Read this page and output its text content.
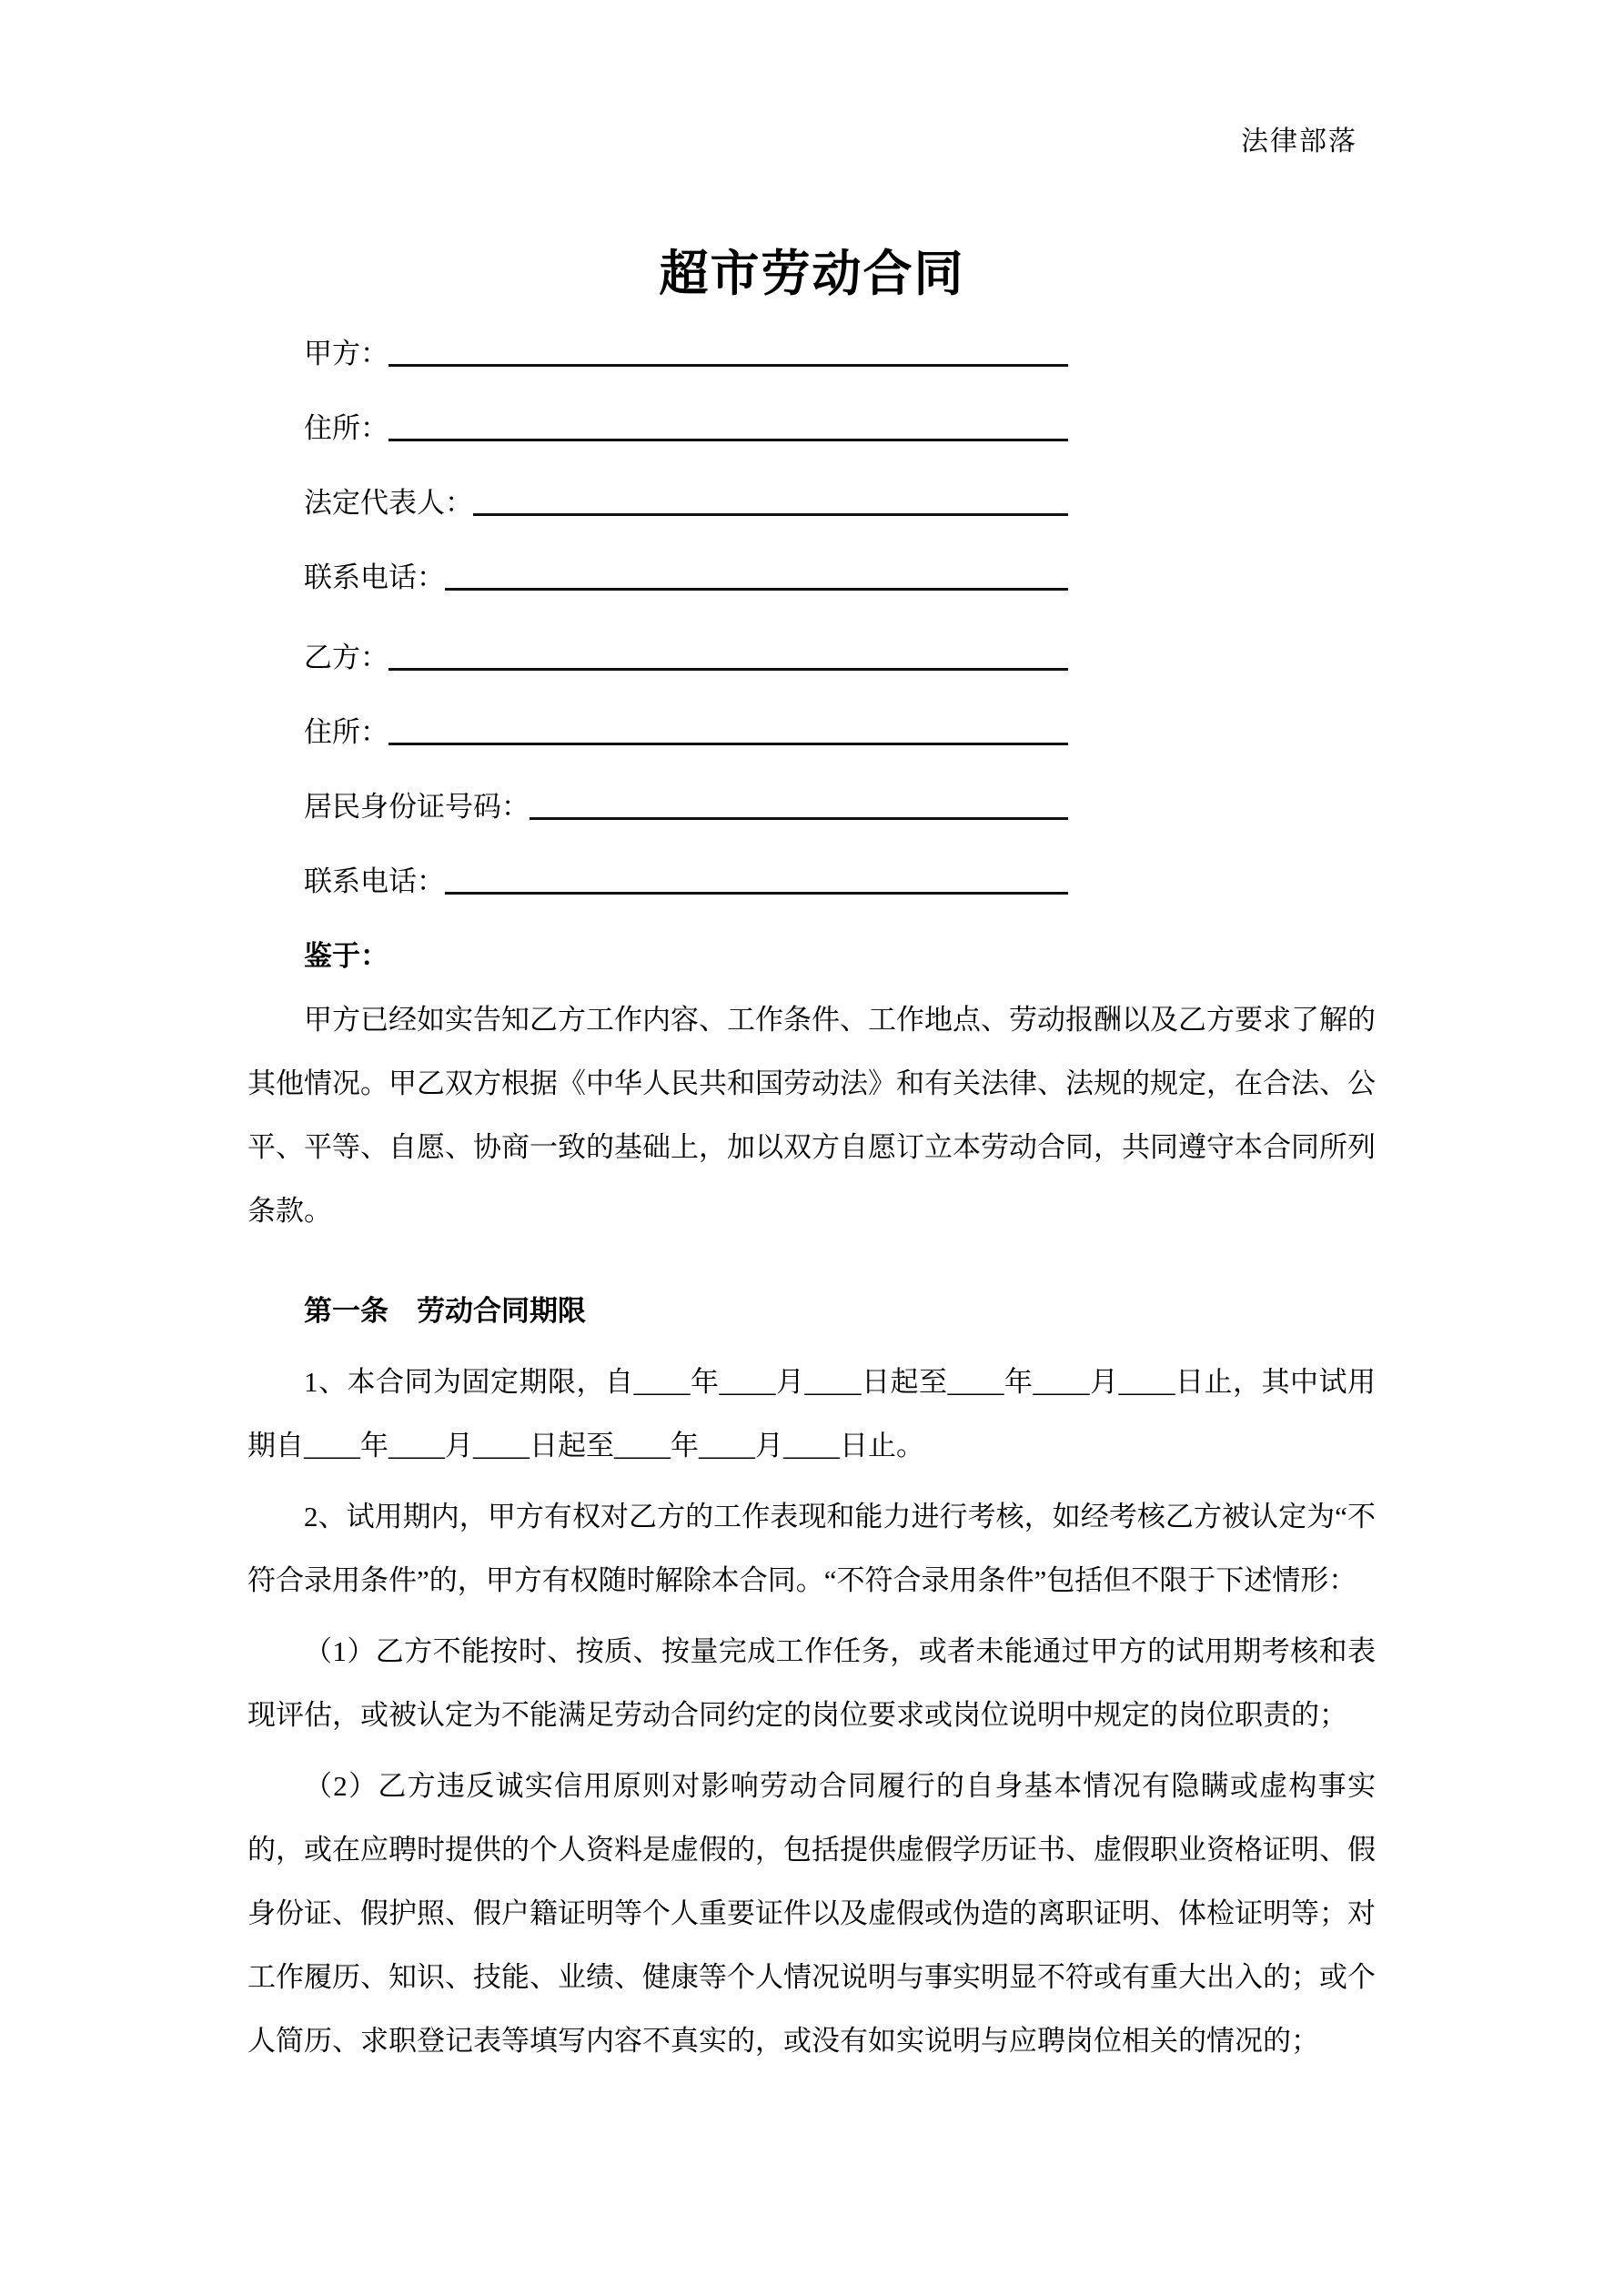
法律部落
超市劳动合同
甲方：
住所：
法定代表人：
联系电话：
乙方：
住所：
居民身份证号码：
联系电话：
鉴于：

甲方已经如实告知乙方工作内容、工作条件、工作地点、劳动报酬以及乙方要求了解的其他情况。甲乙双方根据《中华人民共和国劳动法》和有关法律、法规的规定，在合法、公平、平等、自愿、协商一致的基础上，加以双方自愿订立本劳动合同，共同遵守本合同所列条款。

第一条　劳动合同期限

1、本合同为固定期限，自____年____月____日起至____年____月____日止，其中试用期自____年____月____日起至____年____月____日止。

2、试用期内，甲方有权对乙方的工作表现和能力进行考核，如经考核乙方被认定为“不符合录用条件”的，甲方有权随时解除本合同。“不符合录用条件”包括但不限于下述情形：

（1）乙方不能按时、按质、按量完成工作任务，或者未能通过甲方的试用期考核和表现评估，或被认定为不能满足劳动合同约定的岗位要求或岗位说明中规定的岗位职责的；

（2）乙方违反诚实信用原则对影响劳动合同履行的自身基本情况有隐瞒或虚构事实的，或在应聘时提供的个人资料是虚假的，包括提供虚假学历证书、虚假职业资格证明、假身份证、假护照、假户籍证明等个人重要证件以及虚假或伪造的离职证明、体检证明等；对工作履历、知识、技能、业绩、健康等个人情况说明与事实明显不符或有重大出入的；或个人简历、求职登记表等填写内容不真实的，或没有如实说明与应聘岗位相关的情况的；
